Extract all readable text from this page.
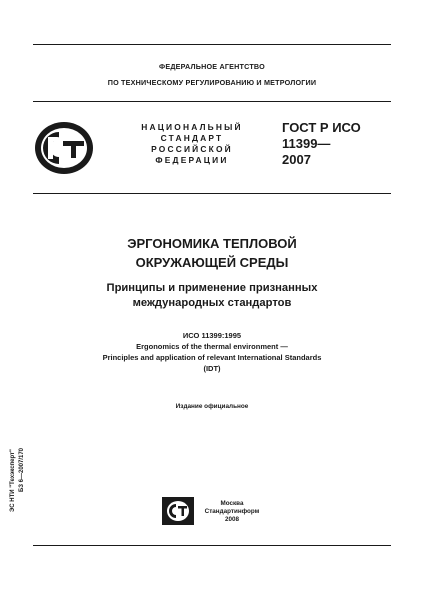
ФЕДЕРАЛЬНОЕ АГЕНТСТВО
ПО ТЕХНИЧЕСКОМУ РЕГУЛИРОВАНИЮ И МЕТРОЛОГИИ
НАЦИОНАЛЬНЫЙ
СТАНДАРТ
РОССИЙСКОЙ
ФЕДЕРАЦИИ
ГОСТ Р ИСО
11399—
2007
ЭРГОНОМИКА ТЕПЛОВОЙ
ОКРУЖАЮЩЕЙ СРЕДЫ
Принципы и применение признанных
международных стандартов
ИСО 11399:1995
Ergonomics of the thermal environment —
Principles and application of relevant International Standards
(IDT)
Издание официальное
ЭС НТИ "Техэксперт" БЗ 6—2007/170
Москва
Стандартинформ
2008
